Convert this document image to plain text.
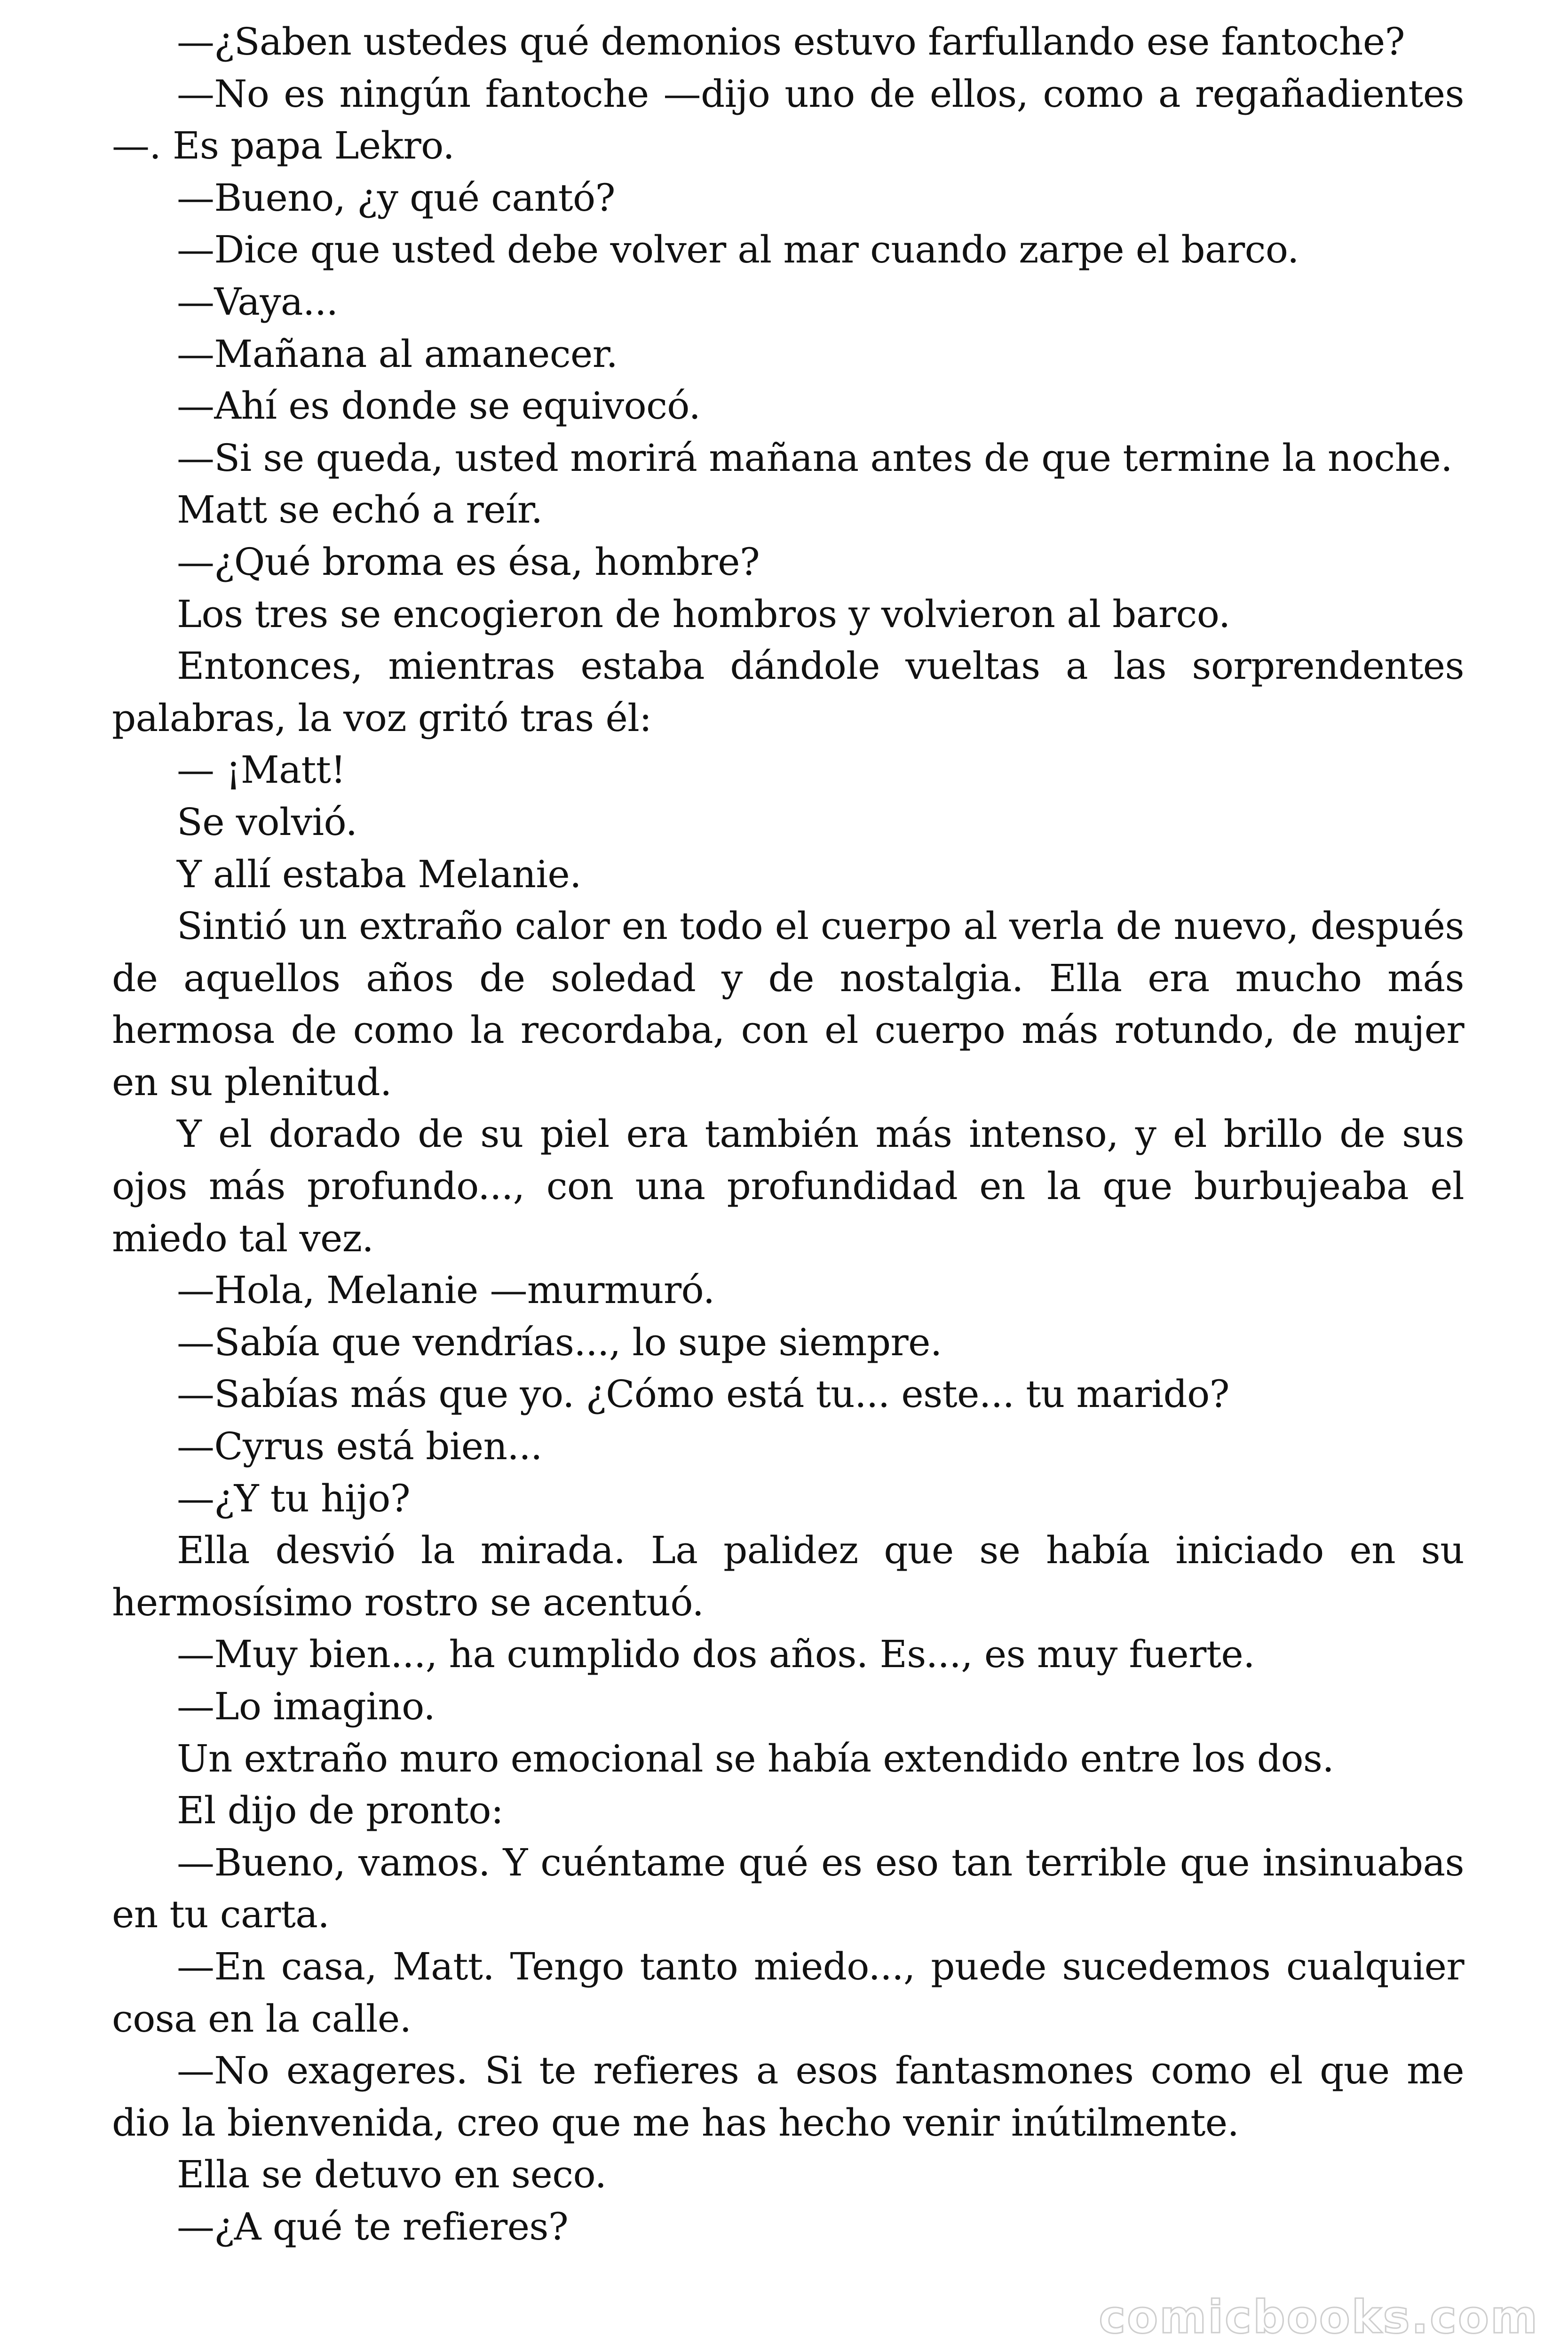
—¿Saben ustedes qué demonios estuvo farfullando ese fantoche?

—No es ningún fantoche —dijo uno de ellos, como a regañadientes—. Es papa Lekro.

—Bueno, ¿y qué cantó?

—Dice que usted debe volver al mar cuando zarpe el barco.

—Vaya...

—Mañana al amanecer.

—Ahí es donde se equivocó.

—Si se queda, usted morirá mañana antes de que termine la noche.

Matt se echó a reír.

—¿Qué broma es ésa, hombre?

Los tres se encogieron de hombros y volvieron al barco.

Entonces, mientras estaba dándole vueltas a las sorprendentes palabras, la voz gritó tras él:

— ¡Matt!

Se volvió.

Y allí estaba Melanie.

Sintió un extraño calor en todo el cuerpo al verla de nuevo, después de aquellos años de soledad y de nostalgia. Ella era mucho más hermosa de como la recordaba, con el cuerpo más rotundo, de mujer en su plenitud.

Y el dorado de su piel era también más intenso, y el brillo de sus ojos más profundo..., con una profundidad en la que burbujeaba el miedo tal vez.

—Hola, Melanie —murmuró.

—Sabía que vendrías..., lo supe siempre.

—Sabías más que yo. ¿Cómo está tu... este... tu marido?

—Cyrus está bien...

—¿Y tu hijo?

Ella desvió la mirada. La palidez que se había iniciado en su hermosísimo rostro se acentuó.

—Muy bien..., ha cumplido dos años. Es..., es muy fuerte.

—Lo imagino.

Un extraño muro emocional se había extendido entre los dos.

El dijo de pronto:

—Bueno, vamos. Y cuéntame qué es eso tan terrible que insinuabas en tu carta.

—En casa, Matt. Tengo tanto miedo..., puede sucedemos cualquier cosa en la calle.

—No exageres. Si te refieres a esos fantasmones como el que me dio la bienvenida, creo que me has hecho venir inútilmente.

Ella se detuvo en seco.

—¿A qué te refieres?

comicbooks.com
